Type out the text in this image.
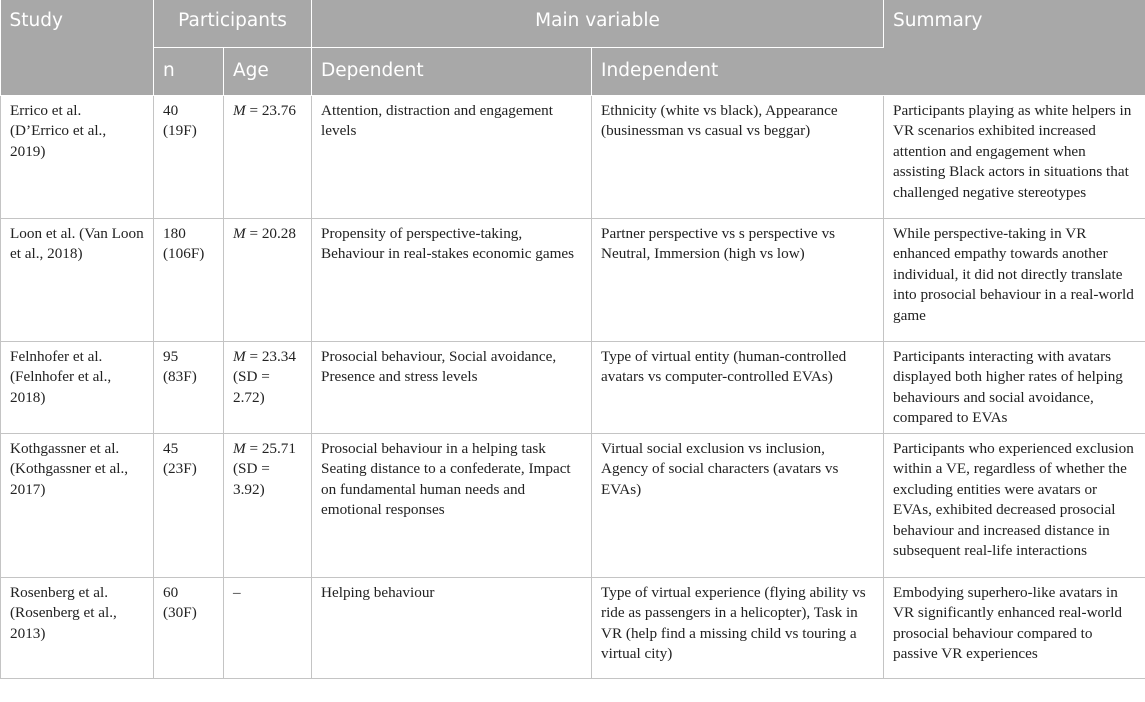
Study	Participants		Main variable		Summary
	n	Age	Dependent	Independent	
Errico et al. (D’Errico et al., 2019)	40 (19F)	M = 23.76	Attention, distraction and engagement levels	Ethnicity (white vs black), Appearance (businessman vs casual vs beggar)	Participants playing as white helpers in VR scenarios exhibited increased attention and engagement when assisting Black actors in situations that challenged negative stereotypes
Loon et al. (Van Loon et al., 2018)	180 (106F)	M = 20.28	Propensity of perspective-taking, Behaviour in real-stakes economic games	Partner perspective vs s perspective vs Neutral, Immersion (high vs low)	While perspective-taking in VR enhanced empathy towards another individual, it did not directly translate into prosocial behaviour in a real-world game
Felnhofer et al. (Felnhofer et al., 2018)	95 (83F)	M = 23.34 (SD = 2.72)	Prosocial behaviour, Social avoidance, Presence and stress levels	Type of virtual entity (human-controlled avatars vs computer-controlled EVAs)	Participants interacting with avatars displayed both higher rates of helping behaviours and social avoidance, compared to EVAs
Kothgassner et al. (Kothgassner et al., 2017)	45 (23F)	M = 25.71 (SD = 3.92)	Prosocial behaviour in a helping task Seating distance to a confederate, Impact on fundamental human needs and emotional responses	Virtual social exclusion vs inclusion, Agency of social characters (avatars vs EVAs)	Participants who experienced exclusion within a VE, regardless of whether the excluding entities were avatars or EVAs, exhibited decreased prosocial behaviour and increased distance in subsequent real-life interactions
Rosenberg et al. (Rosenberg et al., 2013)	60 (30F)	–	Helping behaviour	Type of virtual experience (flying ability vs ride as passengers in a helicopter), Task in VR (help find a missing child vs touring a virtual city)	Embodying superhero-like avatars in VR significantly enhanced real-world prosocial behaviour compared to passive VR experiences
